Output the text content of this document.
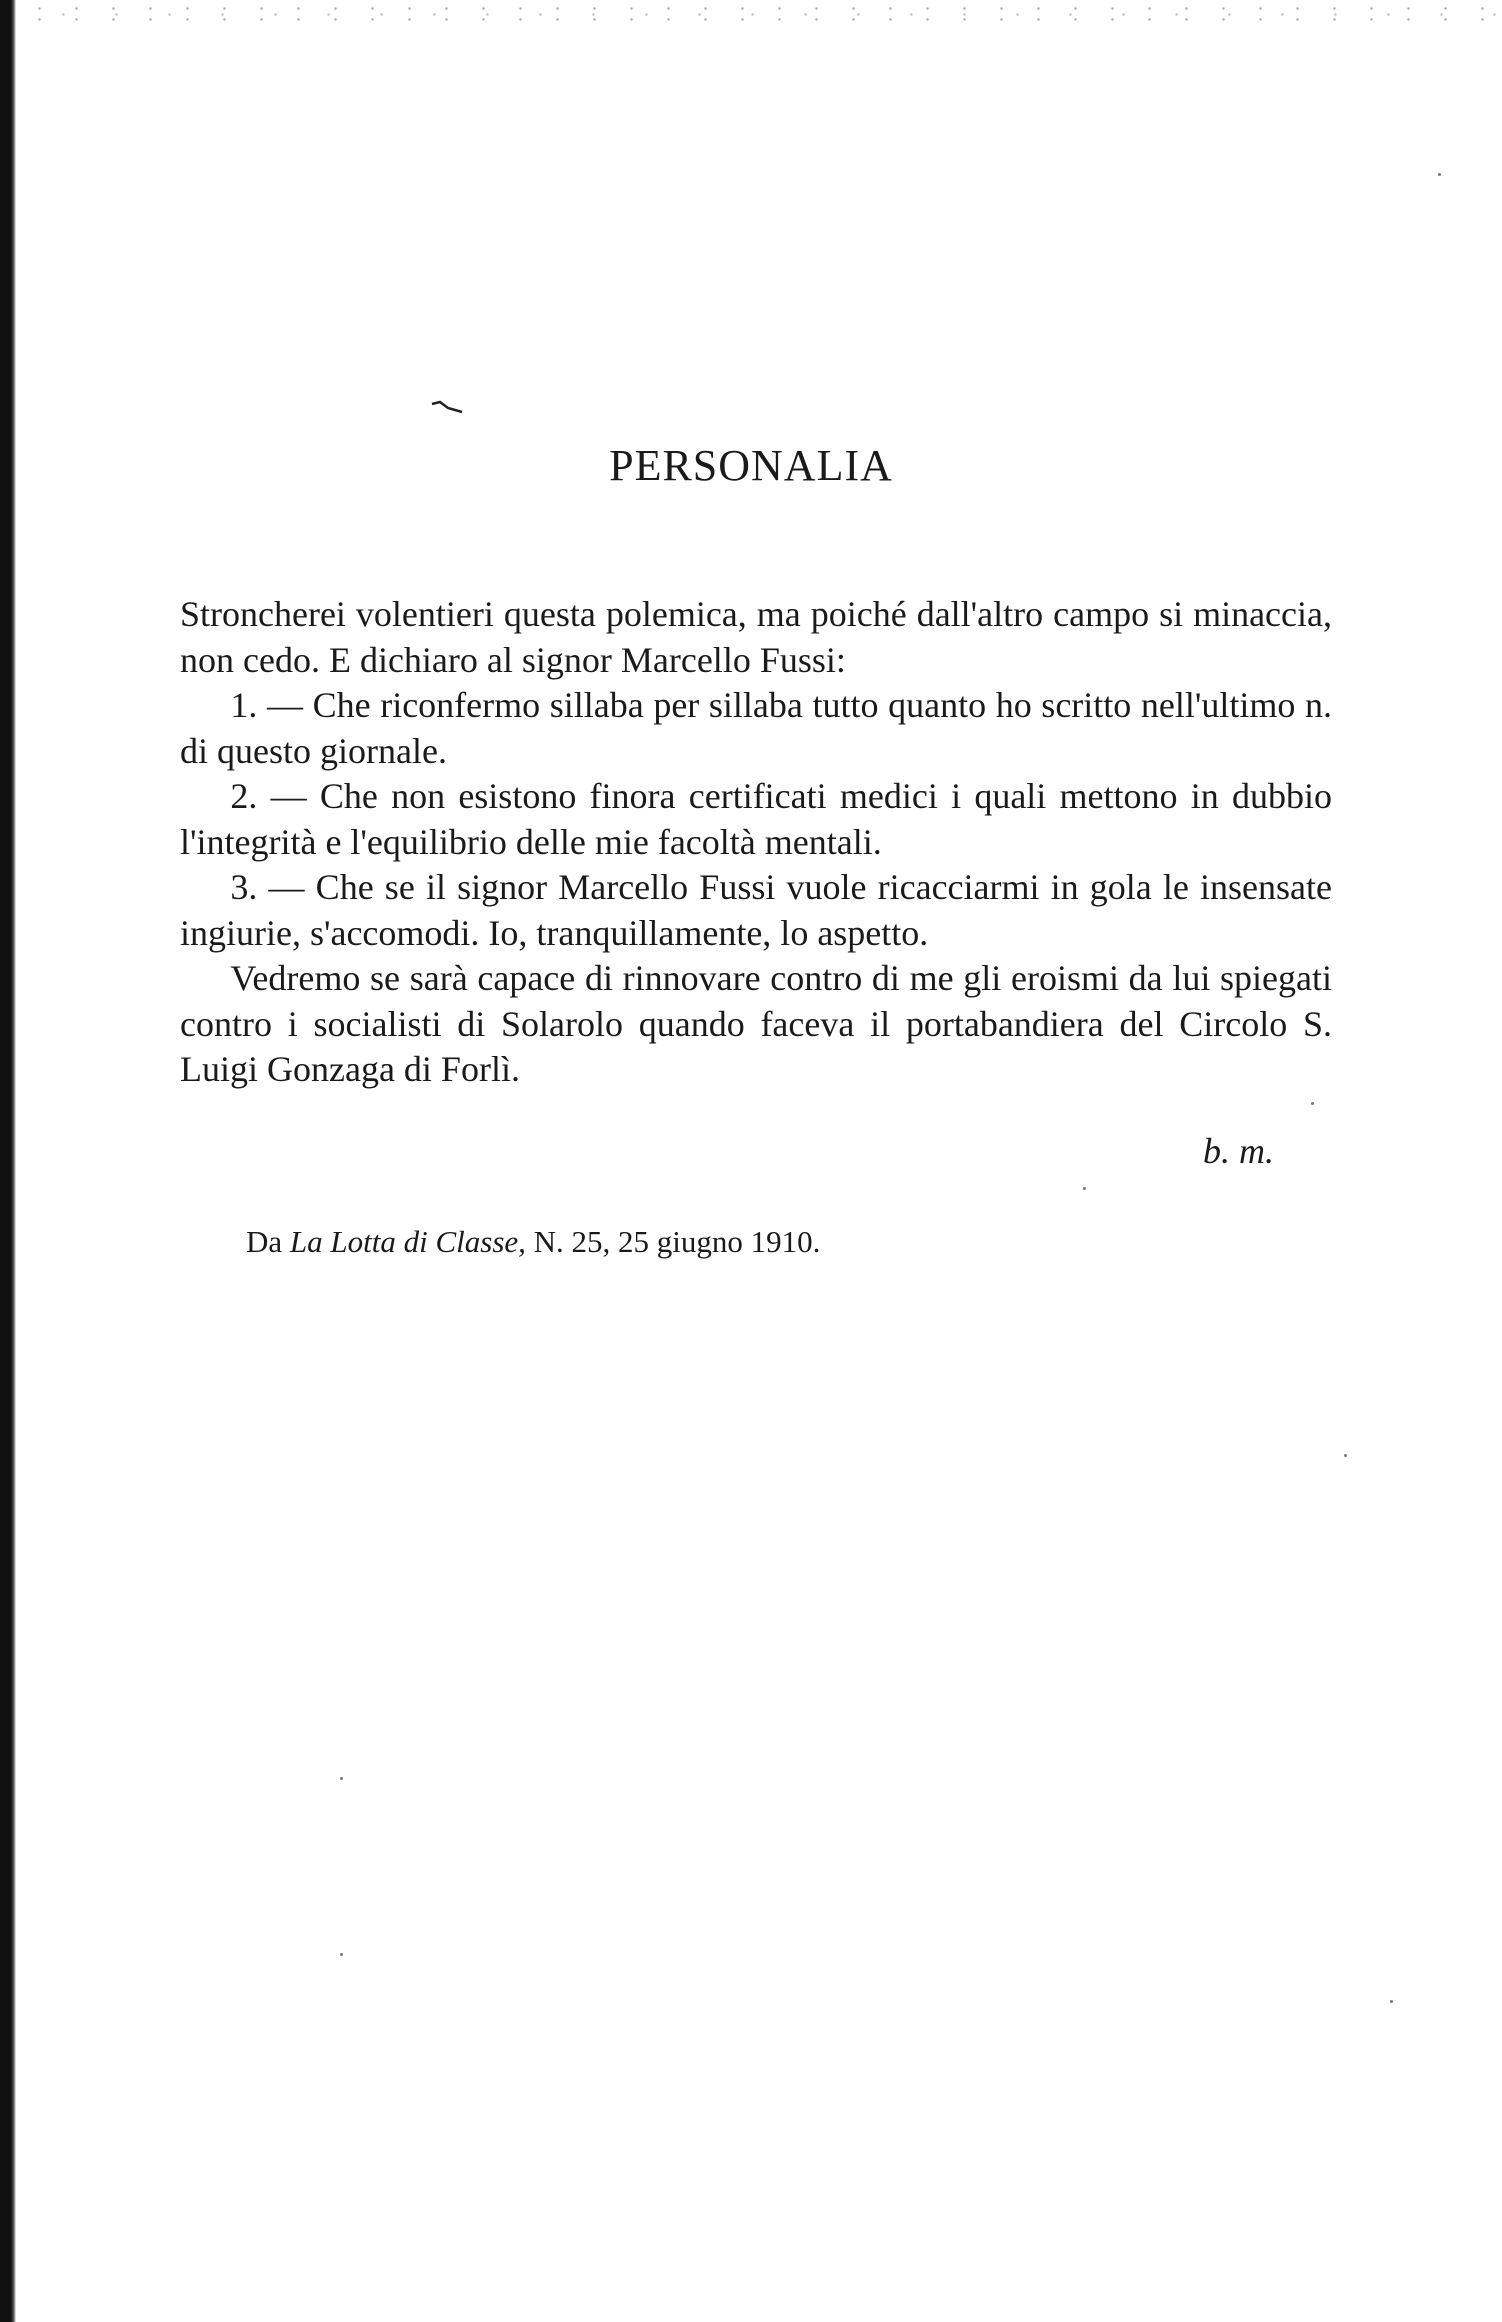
PERSONALIA

Stroncherei volentieri questa polemica, ma poiché dall'altro campo si minaccia, non cedo. E dichiaro al signor Marcello Fussi:

1. — Che riconfermo sillaba per sillaba tutto quanto ho scritto nell'ultimo n. di questo giornale.

2. — Che non esistono finora certificati medici i quali mettono in dubbio l'integrità e l'equilibrio delle mie facoltà mentali.

3. — Che se il signor Marcello Fussi vuole ricacciarmi in gola le insensate ingiurie, s'accomodi. Io, tranquillamente, lo aspetto.

Vedremo se sarà capace di rinnovare contro di me gli eroismi da lui spiegati contro i socialisti di Solarolo quando faceva il portabandiera del Circolo S. Luigi Gonzaga di Forlì.

b. m.
Da La Lotta di Classe, N. 25, 25 giugno 1910.
